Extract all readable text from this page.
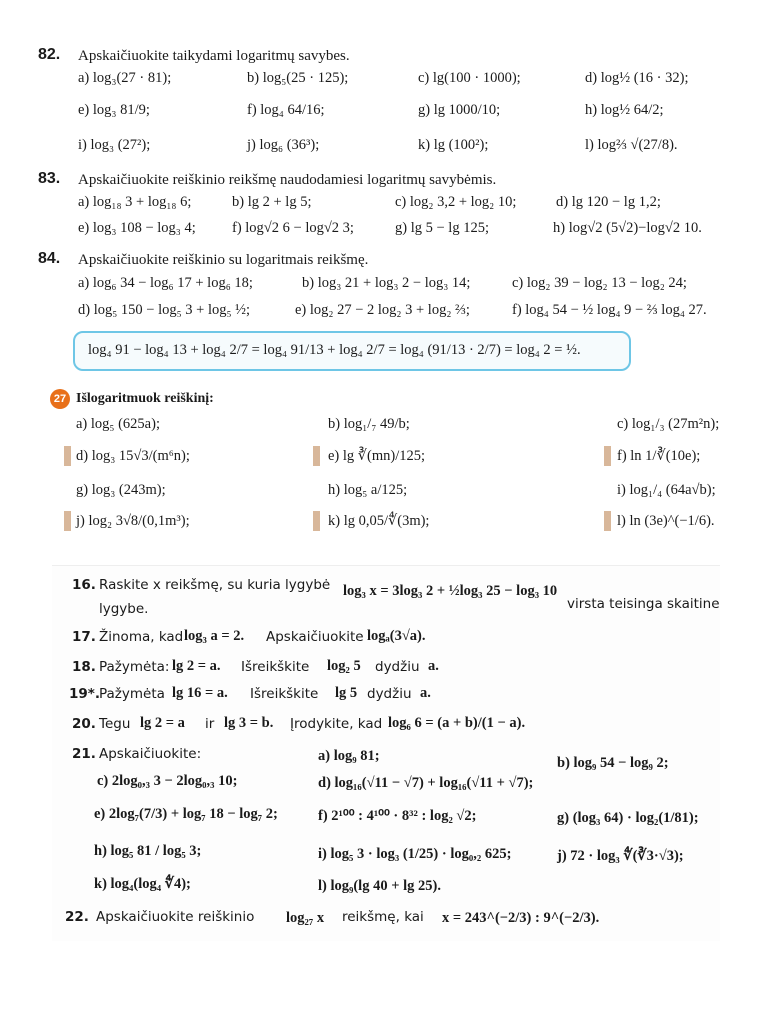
82. Apskaičiuokite taikydami logaritmų savybes.
a) log₃(27 · 81);	b) log₅(25 · 125);	c) lg(100 · 1000);	d) log½ (16 · 32);
e) log₃ 81/9;	f) log₄ 64/16;	g) lg 1000/10;	h) log½ 64/2;
i) log₃ (27²);	j) log₆ (36³);	k) lg (100²);	l) log⅔ √(27/8).
83. Apskaičiuokite reiškinio reikšmę naudodamiesi logaritmų savybėmis.
a) log₁₈ 3 + log₁₈ 6;	b) lg 2 + lg 5;	c) log₂ 3,2 + log₂ 10;	d) lg 120 − lg 1,2;
e) log₃ 108 − log₃ 4; f) log√2 6 − log√2 3;	g) lg 5 − lg 125;	h) log√2 (5√2)−log√2 10.
84. Apskaičiuokite reiškinio su logaritmais reikšmę.
a) log₆ 34 − log₆ 17 + log₆ 18;	b) log₃ 21 + log₃ 2 − log₃ 14;	c) log₂ 39 − log₂ 13 − log₂ 24;
d) log₅ 150 − log₅ 3 + log₅ ½;	e) log₂ 27 − 2 log₂ 3 + log₂ ⅔;	f) log₄ 54 − ½ log₄ 9 − ⅔ log₄ 27.
log₄ 91 − log₄ 13 + log₄ 2/7 = log₄ 91/13 + log₄ 2/7 = log₄ (91/13 · 2/7) = log₄ 2 = ½.
27 Išlogaritmuok reiškinį:
a) log₅ (625a);	b) log₁/₇ 49/b;	c) log₁/₃ (27m²n);
d) log₃ 15√3/(m⁶n);	e) lg ∛(mn)/125;	f) ln 1/∛(10e);
g) log₃ (243m);	h) log₅ a/125;	i) log₁/₄ (64a√b);
j) log₂ 3√8/(0,1m³);	k) lg 0,05/∜(3m);	l) ln (3e)^(−1/6).
16. Raskite x reikšmę, su kuria lygybė log₃ x = 3log₃ 2 + ½log₃ 25 − log₃ 10
virsta teisinga skaitine
lygybe.
17. Žinoma, kad log₃ a = 2. Apskaičiuokite logₐ(3√a).
18. Pažymėta: lg 2 = a. Išreikškite log₂ 5 dydžiu a.
19*. Pažymėta lg 16 = a. Išreikškite lg 5 dydžiu a.
20. Tegu lg 2 = a ir lg 3 = b. Įrodykite, kad log₆ 6 = (a + b)/(1 − a).
21. Apskaičiuokite:	a) log₉ 81;	b) log₉ 54 − log₉ 2;
c) 2log₀,₃ 3 − 2log₀,₃ 10;	d) log₁₆(√11 − √7) + log₁₆(√11 + √7);
e) 2log₇(7/3) + log₇ 18 − log₇ 2;	f) 2¹⁰⁰ : 4¹⁰⁰ · 8³² : log₂ √2;	g) (log₃ 64) · log₂(1/81);
h) log₅ 81 / log₅ 3;	i) log₅ 3 · log₃ (1/25) · log₀,₂ 625;	j) 72 · log₃ ∜(∛3·√3);
k) log₄(log₄ ∜4);	l) log₉(lg 40 + lg 25).
22. Apskaičiuokite reiškinio log₂₇ x reikšmę, kai x = 243^(−2/3) : 9^(−2/3).
